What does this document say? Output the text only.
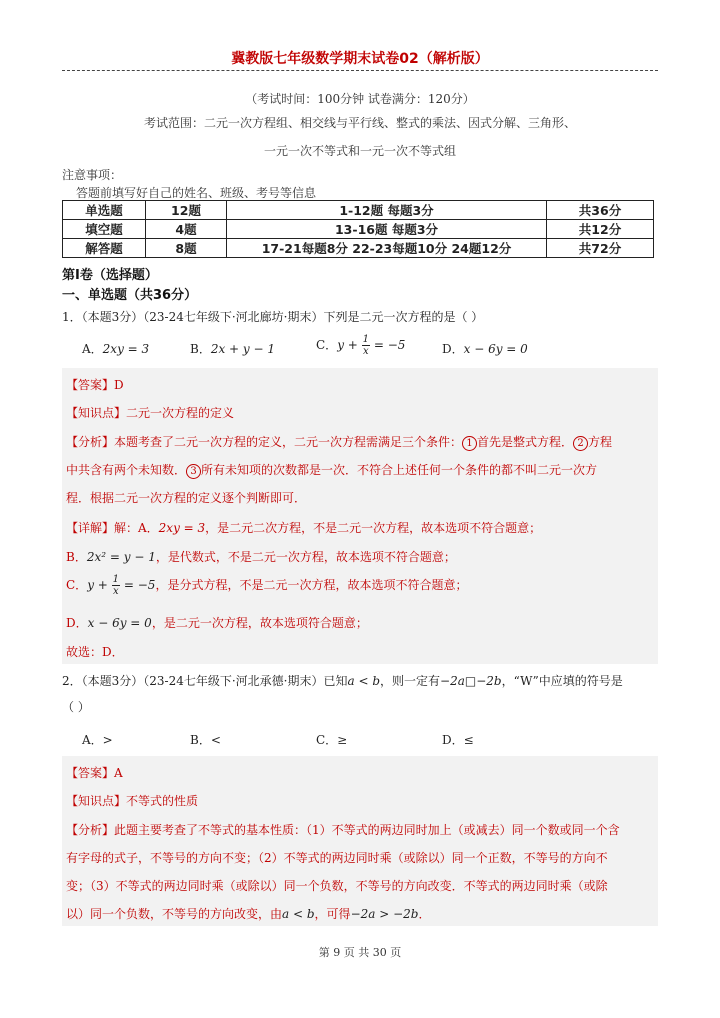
冀教版七年级数学期末试卷02（解析版）
（考试时间：100分钟 试卷满分：120分）
考试范围：二元一次方程组、相交线与平行线、整式的乘法、因式分解、三角形、
一元一次不等式和一元一次不等式组
注意事项：
答题前填写好自己的姓名、班级、考号等信息
单选题	12题	1-12题 每题3分	共36分
填空题	4题	13-16题 每题3分	共12分
解答题	8题	17-21每题8分 22-23每题10分 24题12分	共72分
第Ⅰ卷（选择题）
一、单选题（共36分）
1．（本题3分）（23-24七年级下·河北廊坊·期末）下列是二元一次方程的是（ ）
A．2xy = 3	B．2x + y − 1	C．$y + \frac{1}{x} = -5$	D．x − 6y = 0
【答案】D
【知识点】二元一次方程的定义
【分析】本题考查了二元一次方程的定义，二元一次方程需满足三个条件： 1 首先是整式方程． 2 方程
中共含有两个未知数． 3 所有未知项的次数都是一次．不符合上述任何一个条件的都不叫二元一次方
程．根据二元一次方程的定义逐个判断即可．
【详解】解：A．2xy = 3，是二元二次方程，不是二元一次方程，故本选项不符合题意；
B．2x² = y − 1，是代数式，不是二元一次方程，故本选项不符合题意；
C．$y + \frac{1}{x} = -5$，是分式方程，不是二元一次方程，故本选项不符合题意；
D．x − 6y = 0，是二元一次方程，故本选项符合题意；
故选：D．
2．（本题3分）（23-24七年级下·河北承德·期末）已知a < b，则一定有−2a□−2b，“W”中应填的符号是
（ ）
A．>	B．<	C．≥	D．≤
【答案】A
【知识点】不等式的性质
【分析】此题主要考查了不等式的基本性质：（1）不等式的两边同时加上（或减去）同一个数或同一个含
有字母的式子，不等号的方向不变；（2）不等式的两边同时乘（或除以）同一个正数，不等号的方向不
变；（3）不等式的两边同时乘（或除以）同一个负数，不等号的方向改变．不等式的两边同时乘（或除
以）同一个负数，不等号的方向改变，由a < b，可得−2a > −2b．
第 9 页 共 30 页
